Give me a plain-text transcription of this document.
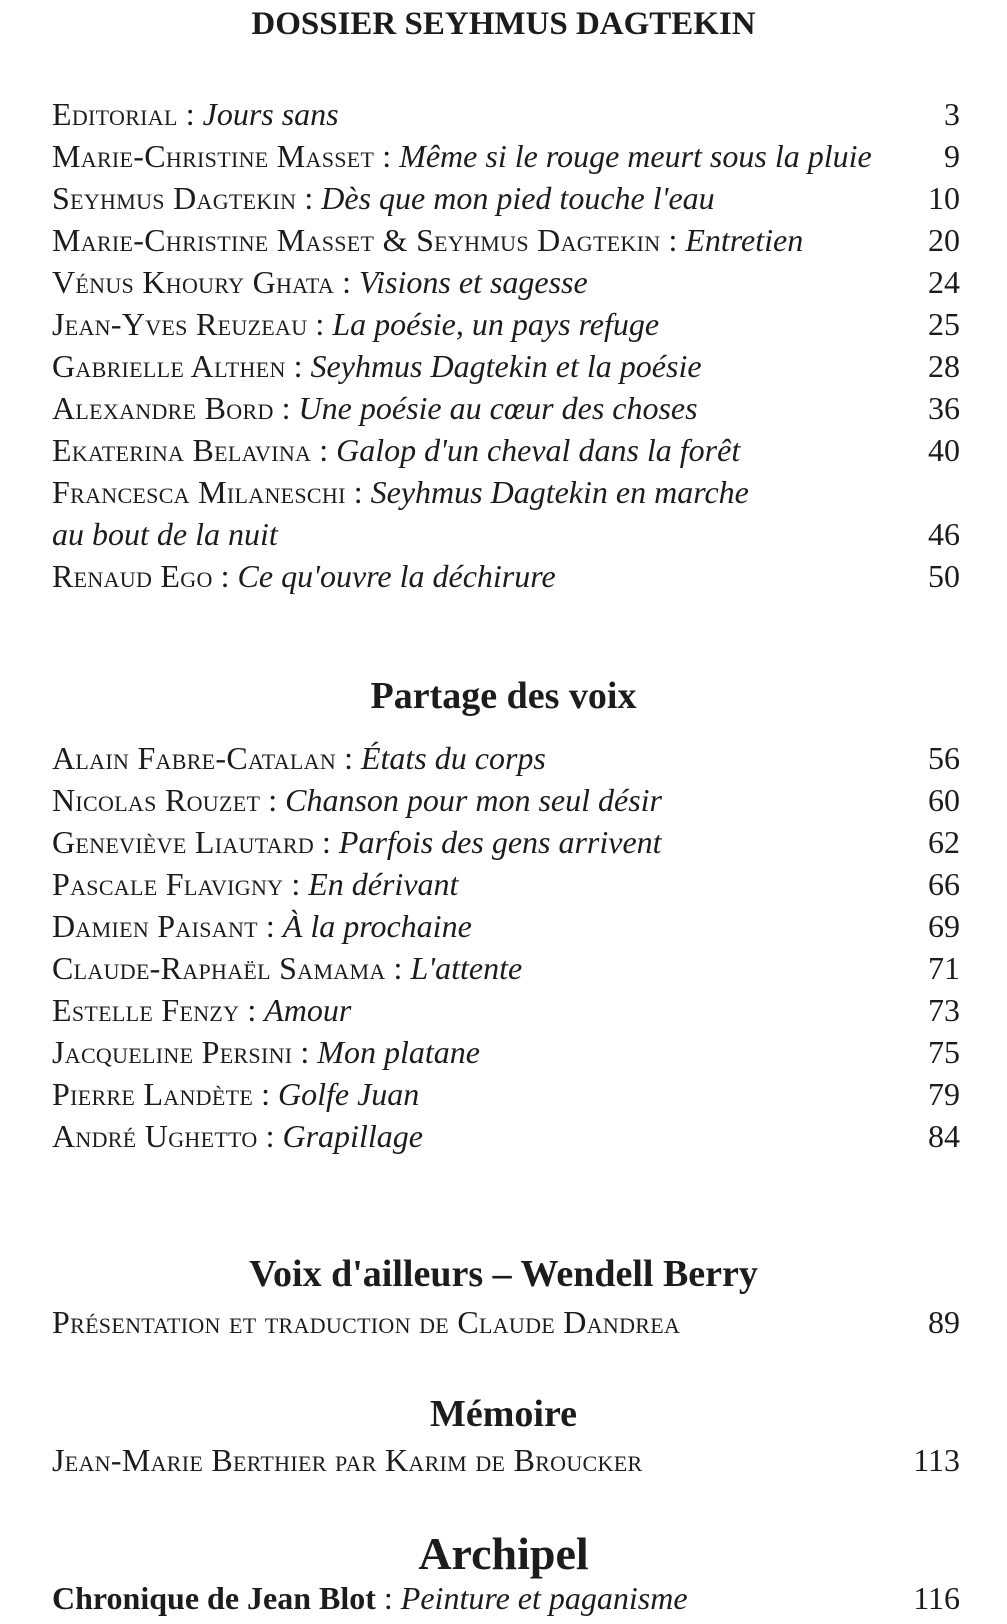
DOSSIER SEYHMUS DAGTEKIN
Editorial : Jours sans	3
Marie-Christine Masset : Même si le rouge meurt sous la pluie 9
Seyhmus Dagtekin : Dès que mon pied touche l'eau	10
Marie-Christine Masset & Seyhmus Dagtekin : Entretien	20
Vénus Khoury Ghata : Visions et sagesse	24
Jean-Yves Reuzeau : La poésie, un pays refuge	25
Gabrielle Althen : Seyhmus Dagtekin et la poésie	28
Alexandre Bord : Une poésie au cœur des choses	36
Ekaterina Belavina : Galop d'un cheval dans la forêt	40
Francesca Milaneschi : Seyhmus Dagtekin en marche
au bout de la nuit	46
Renaud Ego : Ce qu'ouvre la déchirure	50
Partage des voix
Alain Fabre-Catalan : États du corps	56
Nicolas Rouzet : Chanson pour mon seul désir	60
Geneviève Liautard : Parfois des gens arrivent	62
Pascale Flavigny : En dérivant	66
Damien Paisant : À la prochaine	69
Claude-Raphaël Samama : L'attente	71
Estelle Fenzy : Amour	73
Jacqueline Persini : Mon platane	75
Pierre Landète : Golfe Juan	79
André Ughetto : Grapillage	84
Voix d'ailleurs – Wendell Berry
Présentation et traduction de Claude Dandrea	89
Mémoire
Jean-Marie Berthier par Karim de Broucker	113
Archipel
Chronique de Jean Blot : Peinture et paganisme	116
